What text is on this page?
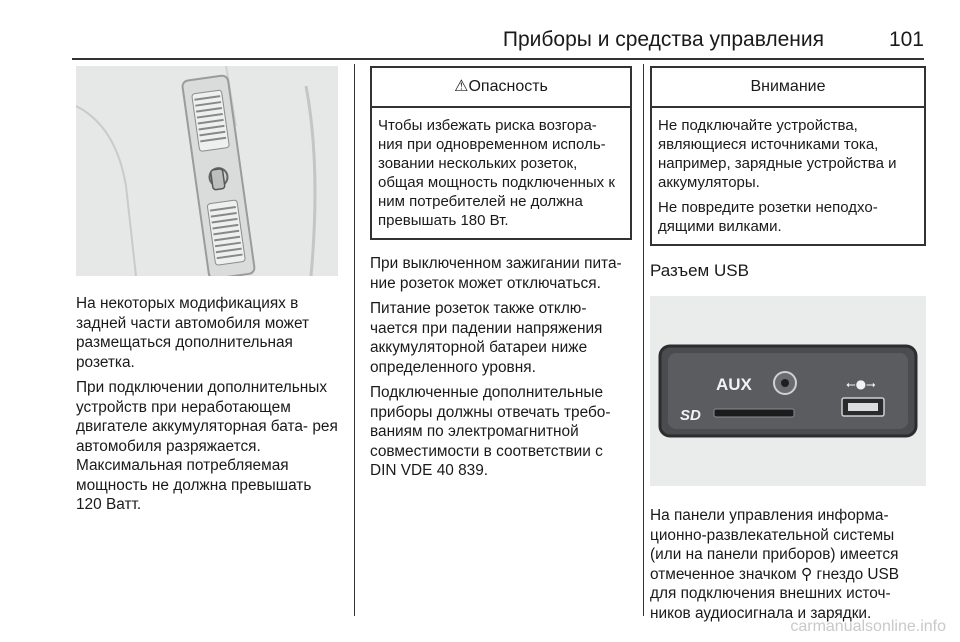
Приборы и средства управления	101

На некоторых модификациях в задней части автомобиля может размещаться дополнительная розетка.

При подключении дополнительных устройств при неработающем двигателе аккумуляторная бата- рея автомобиля разряжается. Максимальная потребляемая мощность не должна превышать 120 Ватт.

⚠Опасность

Чтобы избежать риска возгора- ния при одновременном исполь- зовании нескольких розеток, общая мощность подключенных к ним потребителей не должна превышать 180 Вт.

При выключенном зажигании пита- ние розеток может отключаться.

Питание розеток также отклю- чается при падении напряжения аккумуляторной батареи ниже определенного уровня.

Подключенные дополнительные приборы должны отвечать требо- ваниям по электромагнитной совместимости в соответствии с DIN VDE 40 839.

Внимание

Не подключайте устройства, являющиеся источниками тока, например, зарядные устройства и аккумуляторы.

Не повредите розетки неподхо- дящими вилками.

Разъем USB
AUX
SD
⭠●⭢

На панели управления информа- ционно-развлекательной системы (или на панели приборов) имеется отмеченное значком ⚲ гнездо USB для подключения внешних источ- ников аудиосигнала и зарядки.

carmanualsonline.info
